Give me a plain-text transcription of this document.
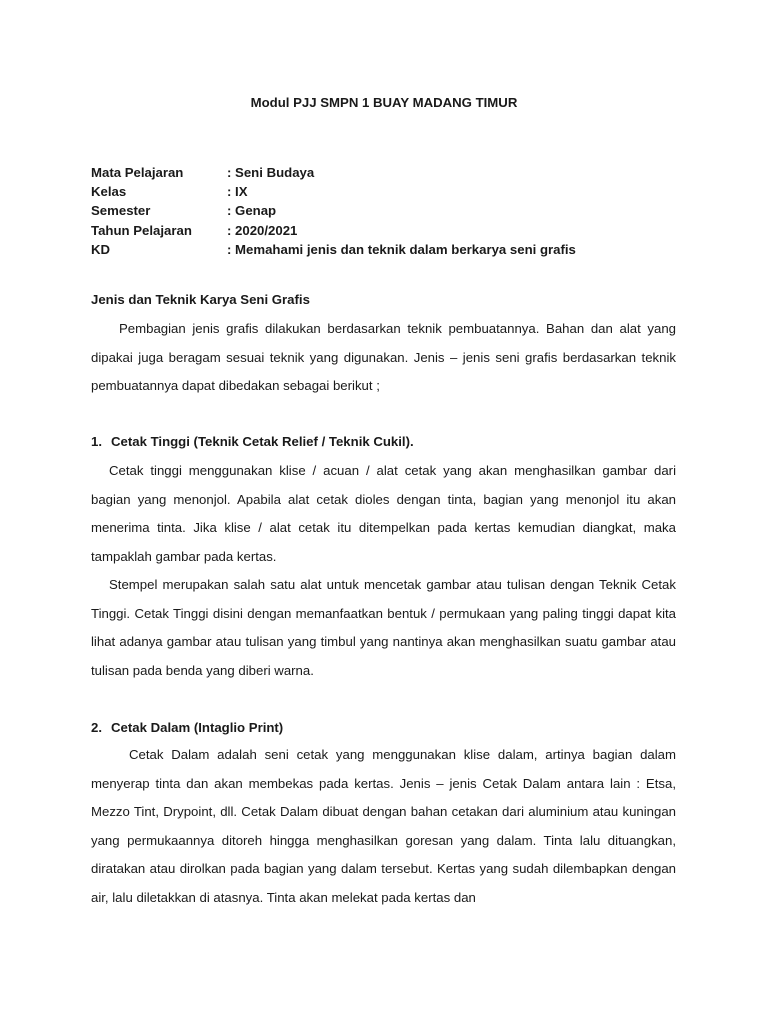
Modul PJJ SMPN 1 BUAY MADANG TIMUR
Mata Pelajaran	: Seni Budaya
Kelas	: IX
Semester	: Genap
Tahun Pelajaran	: 2020/2021
KD	: Memahami jenis dan teknik dalam berkarya seni grafis
Jenis dan Teknik Karya Seni Grafis
Pembagian jenis grafis dilakukan berdasarkan teknik pembuatannya. Bahan dan alat yang dipakai juga beragam sesuai teknik yang digunakan. Jenis – jenis seni grafis berdasarkan teknik pembuatannya dapat dibedakan sebagai berikut ;
1. Cetak Tinggi (Teknik Cetak Relief / Teknik Cukil).
Cetak tinggi menggunakan klise / acuan / alat cetak yang akan menghasilkan gambar dari bagian yang menonjol. Apabila alat cetak dioles dengan tinta, bagian yang menonjol itu akan menerima tinta. Jika klise / alat cetak itu ditempelkan pada kertas kemudian diangkat, maka tampaklah gambar pada kertas.
Stempel merupakan salah satu alat untuk mencetak gambar atau tulisan dengan Teknik Cetak Tinggi. Cetak Tinggi disini dengan memanfaatkan bentuk / permukaan yang paling tinggi dapat kita lihat adanya gambar atau tulisan yang timbul yang nantinya akan menghasilkan suatu gambar atau tulisan pada benda yang diberi warna.
2. Cetak Dalam (Intaglio Print)
Cetak Dalam adalah seni cetak yang menggunakan klise dalam, artinya bagian dalam menyerap tinta dan akan membekas pada kertas. Jenis – jenis Cetak Dalam antara lain : Etsa, Mezzo Tint, Drypoint, dll. Cetak Dalam dibuat dengan bahan cetakan dari aluminium atau kuningan yang permukaannya ditoreh hingga menghasilkan goresan yang dalam. Tinta lalu dituangkan, diratakan atau dirolkan pada bagian yang dalam tersebut. Kertas yang sudah dilembapkan dengan air, lalu diletakkan di atasnya. Tinta akan melekat pada kertas dan
